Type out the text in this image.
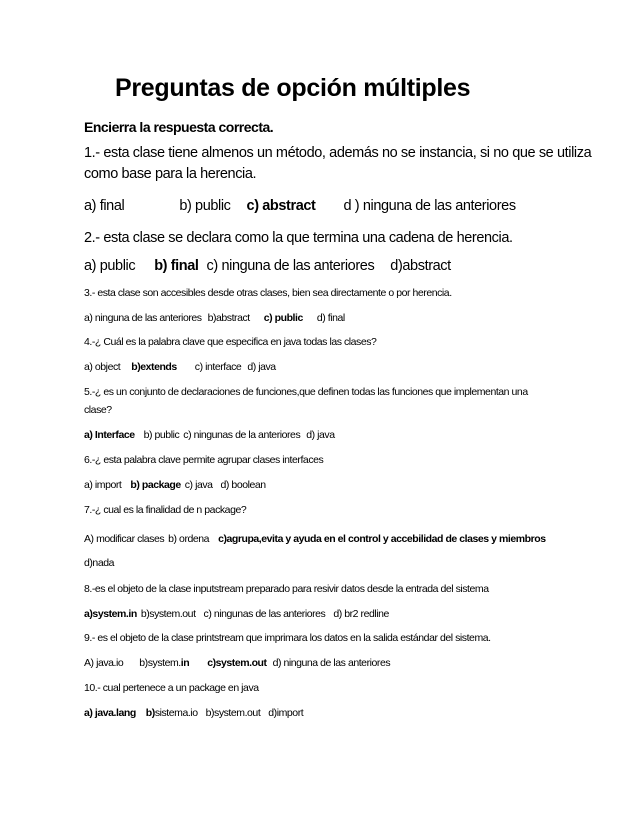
Preguntas de opción múltiples
Encierra la respuesta correcta.
1.- esta clase tiene almenos un método, además no se instancia, si no que se utiliza
como base para la herencia.
a) final	b) public c) abstract d ) ninguna de las anteriores
2.- esta clase se declara como la que termina una cadena de herencia.
a) public b) final c) ninguna de las anteriores d)abstract
3.- esta clase son accesibles desde otras clases, bien sea directamente o por herencia.
a) ninguna de las anteriores b)abstract c) public d) final
4.-¿ Cuál es la palabra clave que especifica en java todas las clases?
a) object b)extends c) interface d) java
5.-¿ es un conjunto de declaraciones de funciones,que definen todas las funciones que implementan una
clase?
a) Interface b) public c) ningunas de la anteriores d) java
6.-¿ esta palabra clave permite agrupar clases interfaces
a) import b) package c) java d) boolean
7.-¿ cual es la finalidad de n package?
A) modificar clases b) ordena c)agrupa,evita y ayuda en el control y accebilidad de clases y miembros
d)nada
8.-es el objeto de la clase inputstream preparado para resivir datos desde la entrada del sistema
a)system.in b)system.out c) ningunas de las anteriores d) br2 redline
9.- es el objeto de la clase printstream que imprimara los datos en la salida estándar del sistema.
A) java.io b)system.in c)system.out d) ninguna de las anteriores
10.- cual pertenece a un package en java
a) java.lang b)sistema.io b)system.out d)import
